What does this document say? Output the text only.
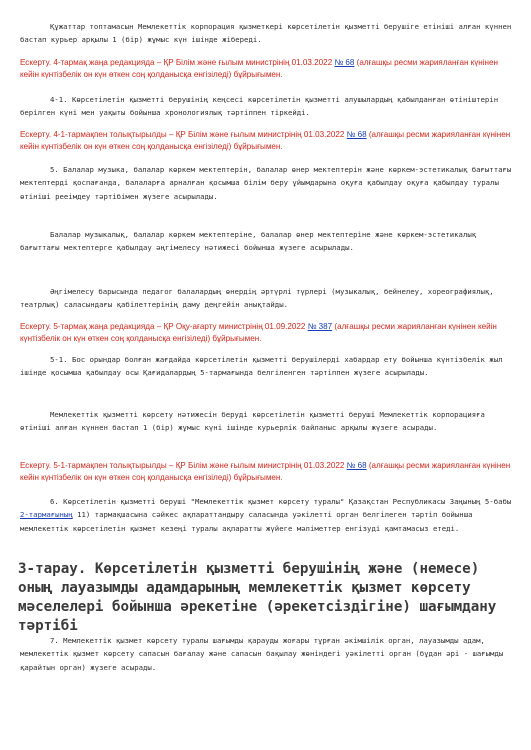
Құжаттар топтамасын Мемлекеттік корпорация қызметкері көрсетілетін қызметті берушіге етініші алған күннен бастап курьер арқылы 1 (бір) жұмыс күн ішінде жібереді.

Ескерту. 4-тармақ жаңа редакцияда – ҚР Білім және ғылым министрінің 01.03.2022 № 68 (алғашқы ресми жарияланған күнінен кейін күнтізбелік он күн өткен соң қолданысқа енгізіледі) бұйрығымен.

4-1. Көрсетілетін қызметті берушінің кеңсесі көрсетілетін қызметті алушылардың қабылданған өтініштерін берілген күні мен уақыты бойынша хронологиялық тәртіппен тіркейді.

Ескерту. 4-1-тармақпен толықтырылды – ҚР Білім және ғылым министрінің 01.03.2022 № 68 (алғашқы ресми жарияланған күнінен кейін күнтізбелік он күн өткен соң қолданысқа енгізіледі) бұйрығымен.

5. Балалар музыка, балалар көркем мектептерін, балалар өнер мектептерін және көркем-эстетикалық бағыттағы мектептерді қоспағанда, балаларға арналған қосымша білім беру ұйымдарына оқуға қабылдау оқуға қабылдау туралы өтініші рееімдеу тәртібімен жүзеге асырылады.

Балалар музыкалық, балалар көркем мектептеріне, балалар өнер мектептеріне және көркем-эстетикалық бағыттағы мектептерге қабылдау әңгімелесу нәтижесі бойынша жүзеге асырылады.

Әңгімелесу барысында педагог балалардың өнердің әртүрлі түрлері (музыкалық, бейнелеу, хореографиялық, театрлық) саласындағы қабілеттерінің даму деңгейін анықтайды.

Ескерту. 5-тармақ жаңа редакцияда – ҚР Оқу-ағарту министрінің 01.09.2022 № 387 (алғашқы ресми жарияланған күнінен кейін күнтізбелік он күн өткен соң қолданысқа енгізіледі) бұйрығымен.

5-1. Бос орындар болған жағдайда көрсетілетін қызметті берушілерді хабардар ету бойынша күнтізбелік жыл ішінде қосымша қабылдау осы Қағидалардың 5-тармағында белгіленген тәртіппен жүзеге асырылады.

Мемлекеттік қызметті көрсету нәтижесін беруді көрсетілетін қызметті беруші Мемлекеттік корпорацияға өтініші алған күннен бастап 1 (бір) жұмыс күні ішінде курьерлік байланыс арқылы жүзеге асырады.

Ескерту. 5-1-тармақпен толықтырылды – ҚР Білім және ғылым министрінің 01.03.2022 № 68 (алғашқы ресми жарияланған күнінен кейін күнтізбелік он күн өткен соң қолданысқа енгізіледі) бұйрығымен.

6. Көрсетілетін қызметті беруші "Мемлекеттік қызмет көрсету туралы" Қазақстан Республикасы Заңының 5-бабы 2-тармағының 11) тармақшасына сәйкес ақпараттандыру саласында уәкілетті орган белгілеген тәртіп бойынша мемлекеттік көрсетілетін қызмет кезеңі туралы ақпаратты жүйеге мәліметтер енгізуді қамтамасыз етеді.

3-тарау. Көрсетілетін қызметті берушінің және (немесе) оның лауазымды адамдарының мемлекеттік қызмет көрсету мәселелері бойынша әрекетіне (әрекетсіздігіне) шағымдану тәртібі

7. Мемлекеттік қызмет көрсету туралы шағымды қарауды жоғары тұрған әкімшілік орган, лауазымды адам, мемлекеттік қызмет көрсету сапасын бағалау және сапасын бақылау жөніндегі уәкілетті орган (бұдан әрі - шағымды қарайтын орган) жүзеге асырады.
